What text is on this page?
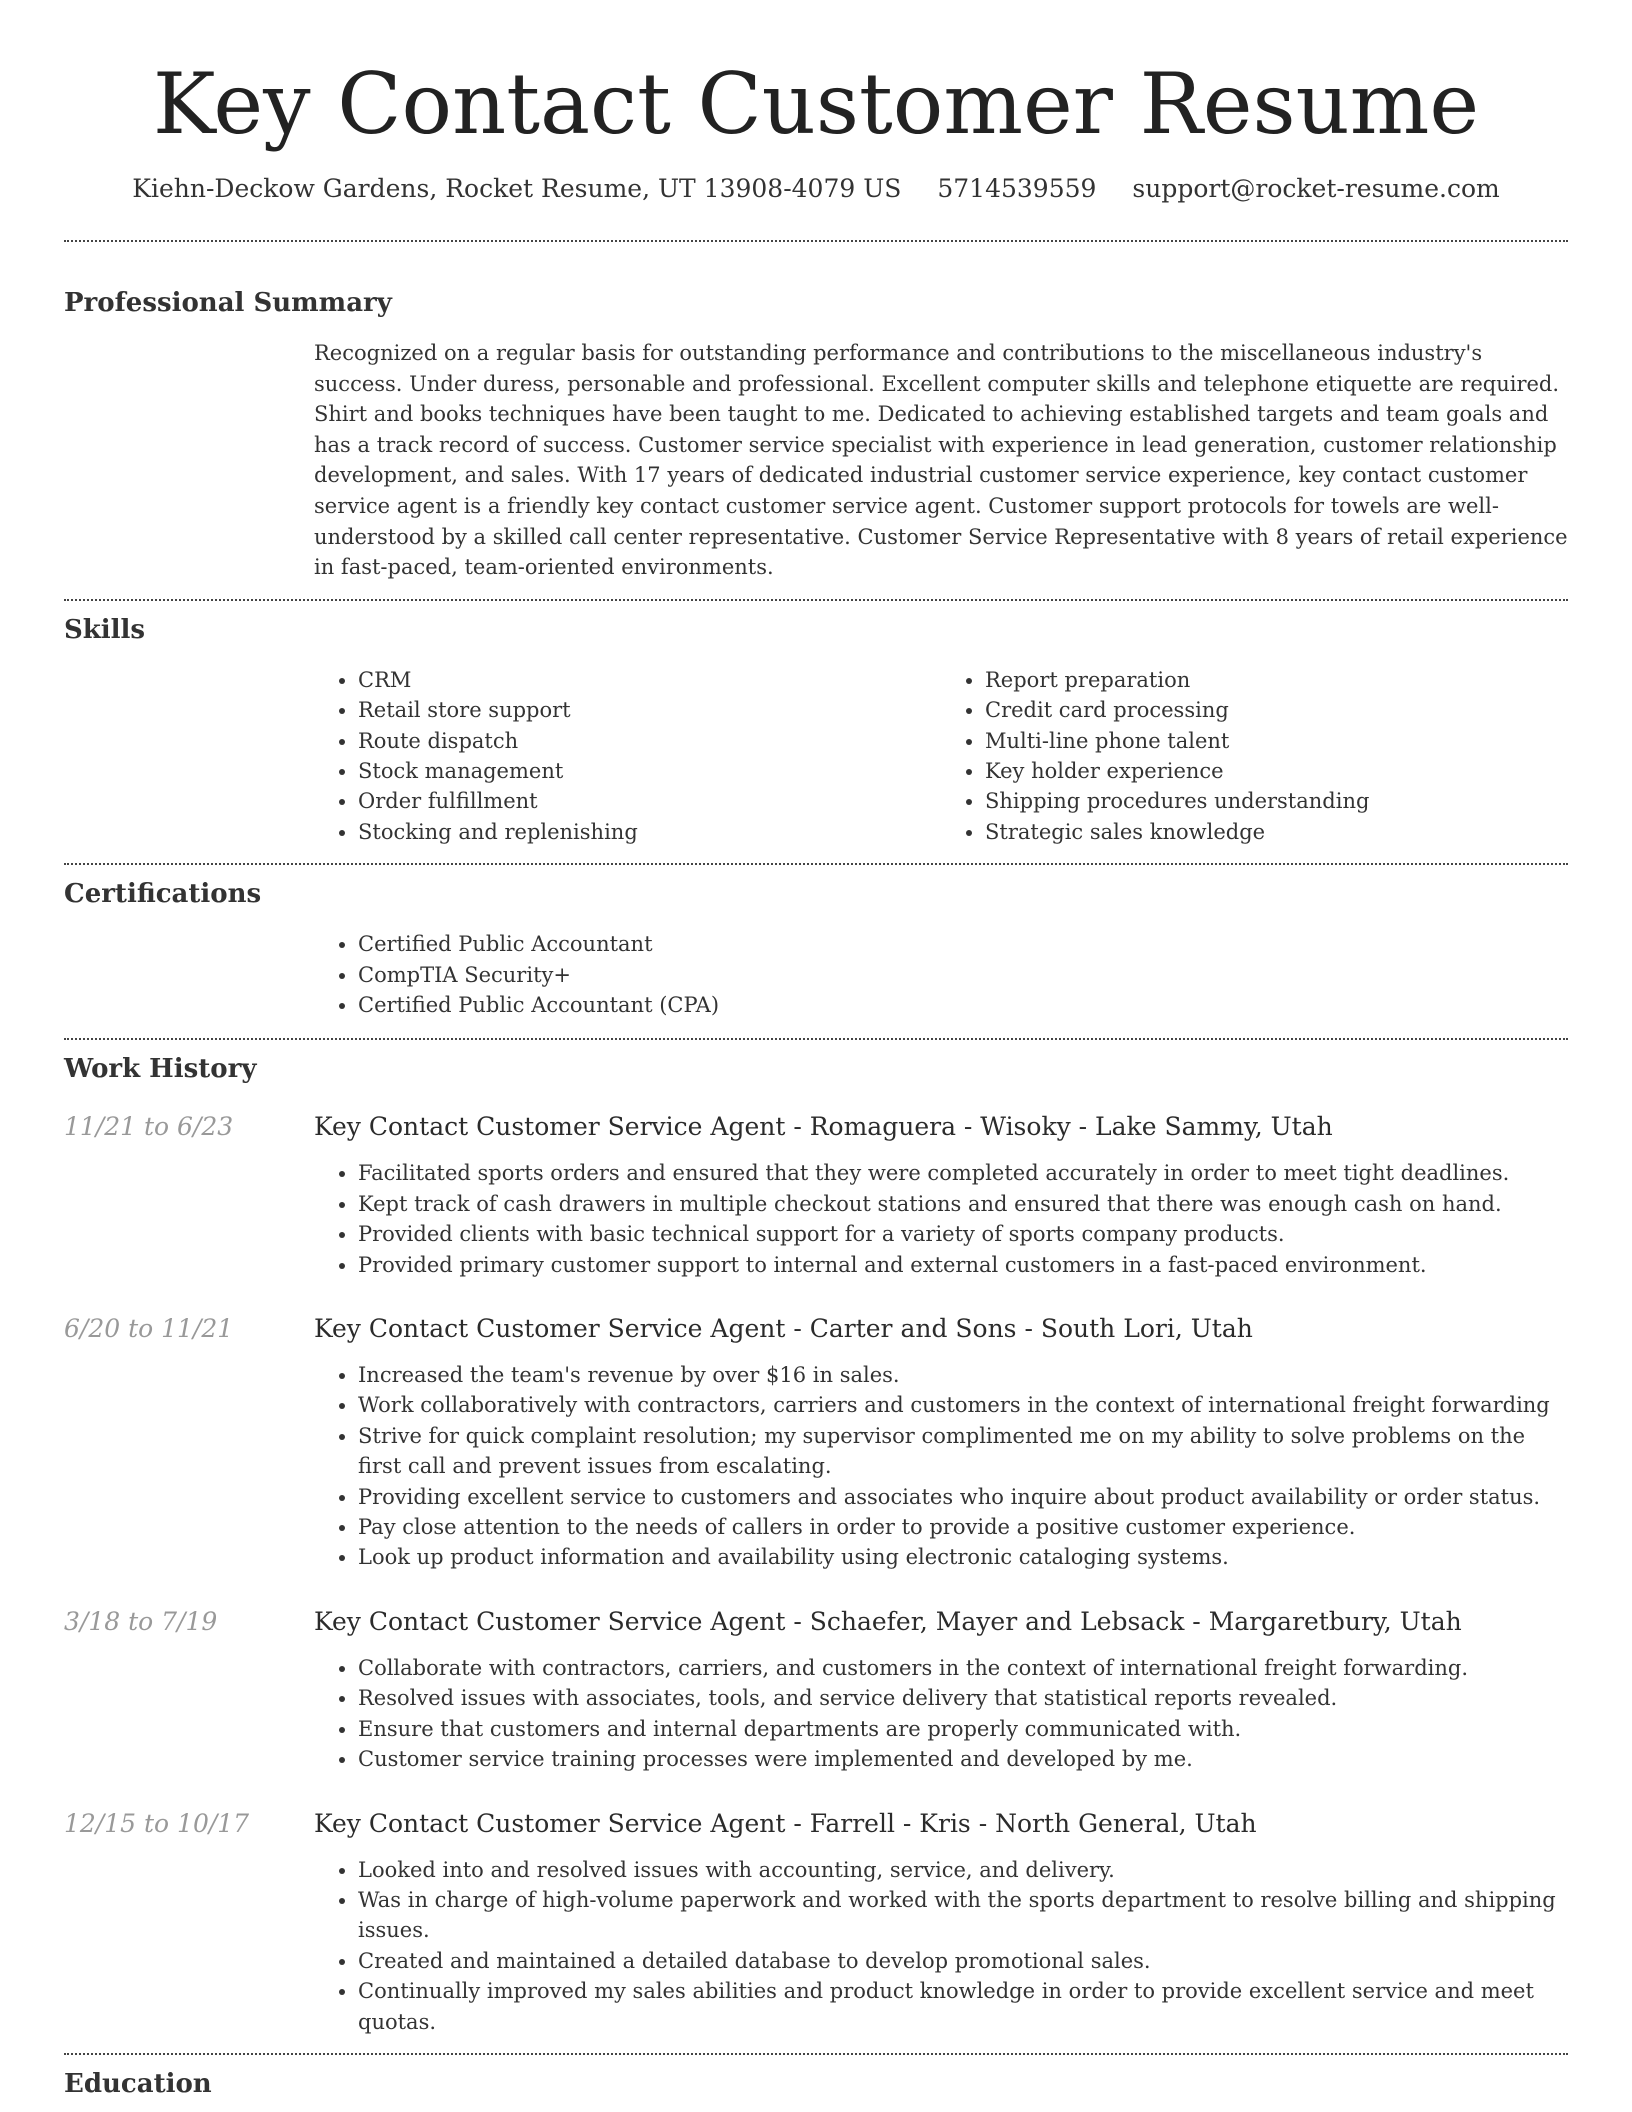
Key Contact Customer Resume
Kiehn-Deckow Gardens, Rocket Resume, UT 13908-4079 US 5714539559 support@rocket-resume.com
Professional Summary
Recognized on a regular basis for outstanding performance and contributions to the miscellaneous industry's success. Under duress, personable and professional. Excellent computer skills and telephone etiquette are required. Shirt and books techniques have been taught to me. Dedicated to achieving established targets and team goals and has a track record of success. Customer service specialist with experience in lead generation, customer relationship development, and sales. With 17 years of dedicated industrial customer service experience, key contact customer service agent is a friendly key contact customer service agent. Customer support protocols for towels are well-understood by a skilled call center representative. Customer Service Representative with 8 years of retail experience in fast-paced, team-oriented environments.
Skills
• CRM
• Retail store support
• Route dispatch
• Stock management
• Order fulfillment
• Stocking and replenishing
• Report preparation
• Credit card processing
• Multi-line phone talent
• Key holder experience
• Shipping procedures understanding
• Strategic sales knowledge
Certifications
• Certified Public Accountant
• CompTIA Security+
• Certified Public Accountant (CPA)
Work History
11/21 to 6/23	Key Contact Customer Service Agent - Romaguera - Wisoky - Lake Sammy, Utah
• Facilitated sports orders and ensured that they were completed accurately in order to meet tight deadlines.
• Kept track of cash drawers in multiple checkout stations and ensured that there was enough cash on hand.
• Provided clients with basic technical support for a variety of sports company products.
• Provided primary customer support to internal and external customers in a fast-paced environment.
6/20 to 11/21	Key Contact Customer Service Agent - Carter and Sons - South Lori, Utah
• Increased the team's revenue by over $16 in sales.
• Work collaboratively with contractors, carriers and customers in the context of international freight forwarding
• Strive for quick complaint resolution; my supervisor complimented me on my ability to solve problems on the first call and prevent issues from escalating.
• Providing excellent service to customers and associates who inquire about product availability or order status.
• Pay close attention to the needs of callers in order to provide a positive customer experience.
• Look up product information and availability using electronic cataloging systems.
3/18 to 7/19	Key Contact Customer Service Agent - Schaefer, Mayer and Lebsack - Margaretbury, Utah
• Collaborate with contractors, carriers, and customers in the context of international freight forwarding.
• Resolved issues with associates, tools, and service delivery that statistical reports revealed.
• Ensure that customers and internal departments are properly communicated with.
• Customer service training processes were implemented and developed by me.
12/15 to 10/17	Key Contact Customer Service Agent - Farrell - Kris - North General, Utah
• Looked into and resolved issues with accounting, service, and delivery.
• Was in charge of high-volume paperwork and worked with the sports department to resolve billing and shipping issues.
• Created and maintained a detailed database to develop promotional sales.
• Continually improved my sales abilities and product knowledge in order to provide excellent service and meet quotas.
Education
